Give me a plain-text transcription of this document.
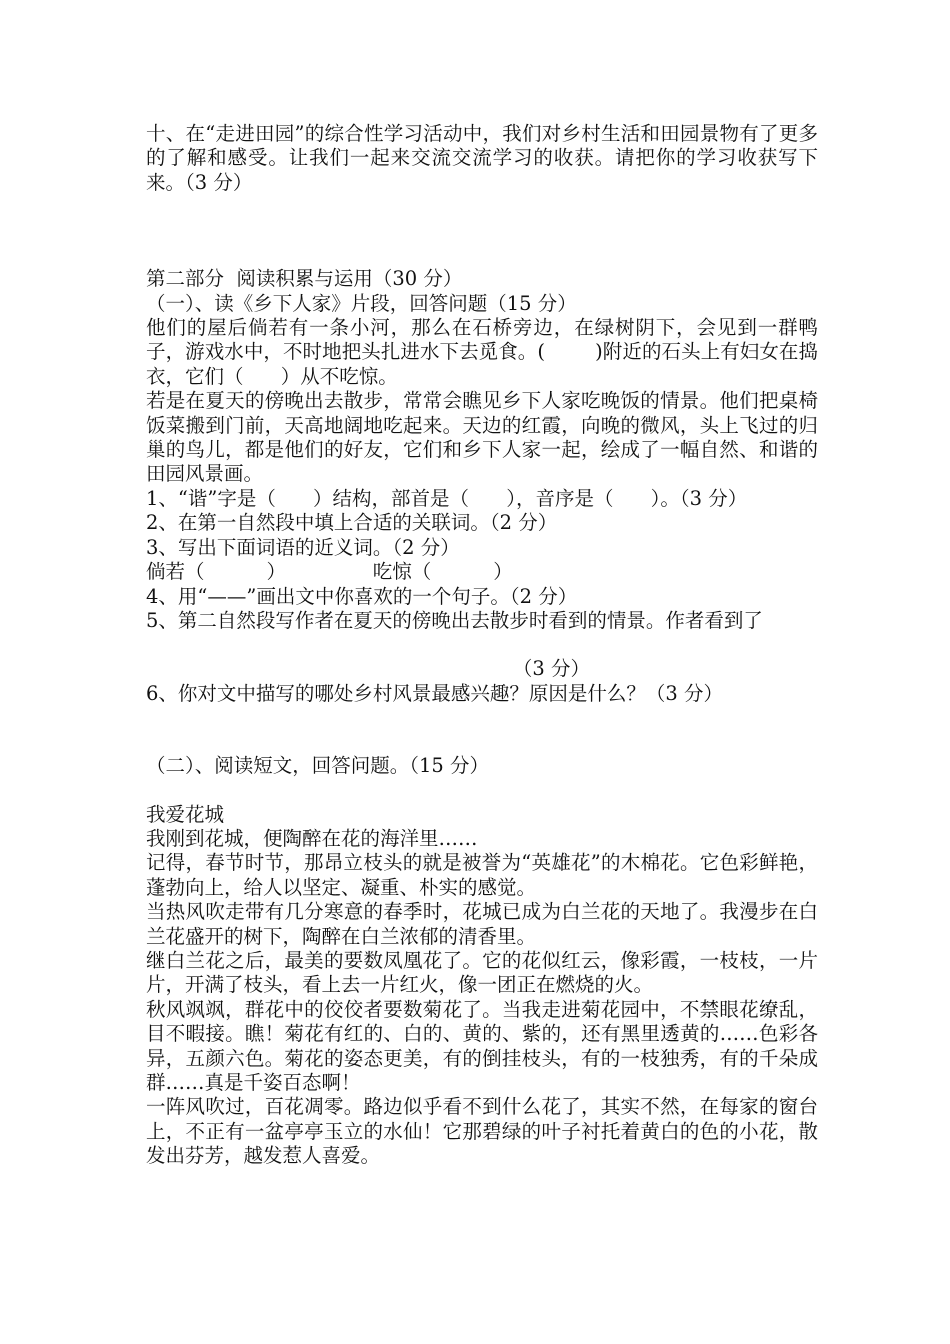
十、在“走进田园”的综合性学习活动中，我们对乡村生活和田园景物有了更多的了解和感受。让我们一起来交流交流学习的收获。请把你的学习收获写下来。（3 分）

第二部分  阅读积累与运用（30 分）

（一）、读《乡下人家》片段，回答问题（15 分）

他们的屋后倘若有一条小河，那么在石桥旁边，在绿树阴下，会见到一群鸭子，游戏水中，不时地把头扎进水下去觅食。(        )附近的石头上有妇女在捣衣，它们（      ）从不吃惊。

若是在夏天的傍晚出去散步，常常会瞧见乡下人家吃晚饭的情景。他们把桌椅饭菜搬到门前，天高地阔地吃起来。天边的红霞，向晚的微风，头上飞过的归巢的鸟儿，都是他们的好友，它们和乡下人家一起，绘成了一幅自然、和谐的田园风景画。

1、“谐”字是（      ）结构，部首是（      ），音序是（      ）。（3 分）

2、在第一自然段中填上合适的关联词。（2 分）

3、写出下面词语的近义词。（2 分）

倘若（          ）              吃惊（          ）

4、用“——”画出文中你喜欢的一个句子。（2 分）

5、第二自然段写作者在夏天的傍晚出去散步时看到的情景。作者看到了

（3 分）

6、你对文中描写的哪处乡村风景最感兴趣？原因是什么？（3 分）

（二）、阅读短文，回答问题。（15 分）

我爱花城

我刚到花城，便陶醉在花的海洋里……

记得，春节时节，那昂立枝头的就是被誉为“英雄花”的木棉花。它色彩鲜艳，蓬勃向上，给人以坚定、凝重、朴实的感觉。

当热风吹走带有几分寒意的春季时，花城已成为白兰花的天地了。我漫步在白兰花盛开的树下，陶醉在白兰浓郁的清香里。

继白兰花之后，最美的要数凤凰花了。它的花似红云，像彩霞，一枝枝，一片片，开满了枝头，看上去一片红火，像一团正在燃烧的火。

秋风飒飒，群花中的佼佼者要数菊花了。当我走进菊花园中，不禁眼花缭乱，目不暇接。瞧！菊花有红的、白的、黄的、紫的，还有黑里透黄的……色彩各异，五颜六色。菊花的姿态更美，有的倒挂枝头，有的一枝独秀，有的千朵成群……真是千姿百态啊！

一阵风吹过，百花凋零。路边似乎看不到什么花了，其实不然，在每家的窗台上，不正有一盆亭亭玉立的水仙！它那碧绿的叶子衬托着黄白的色的小花，散发出芬芳，越发惹人喜爱。
